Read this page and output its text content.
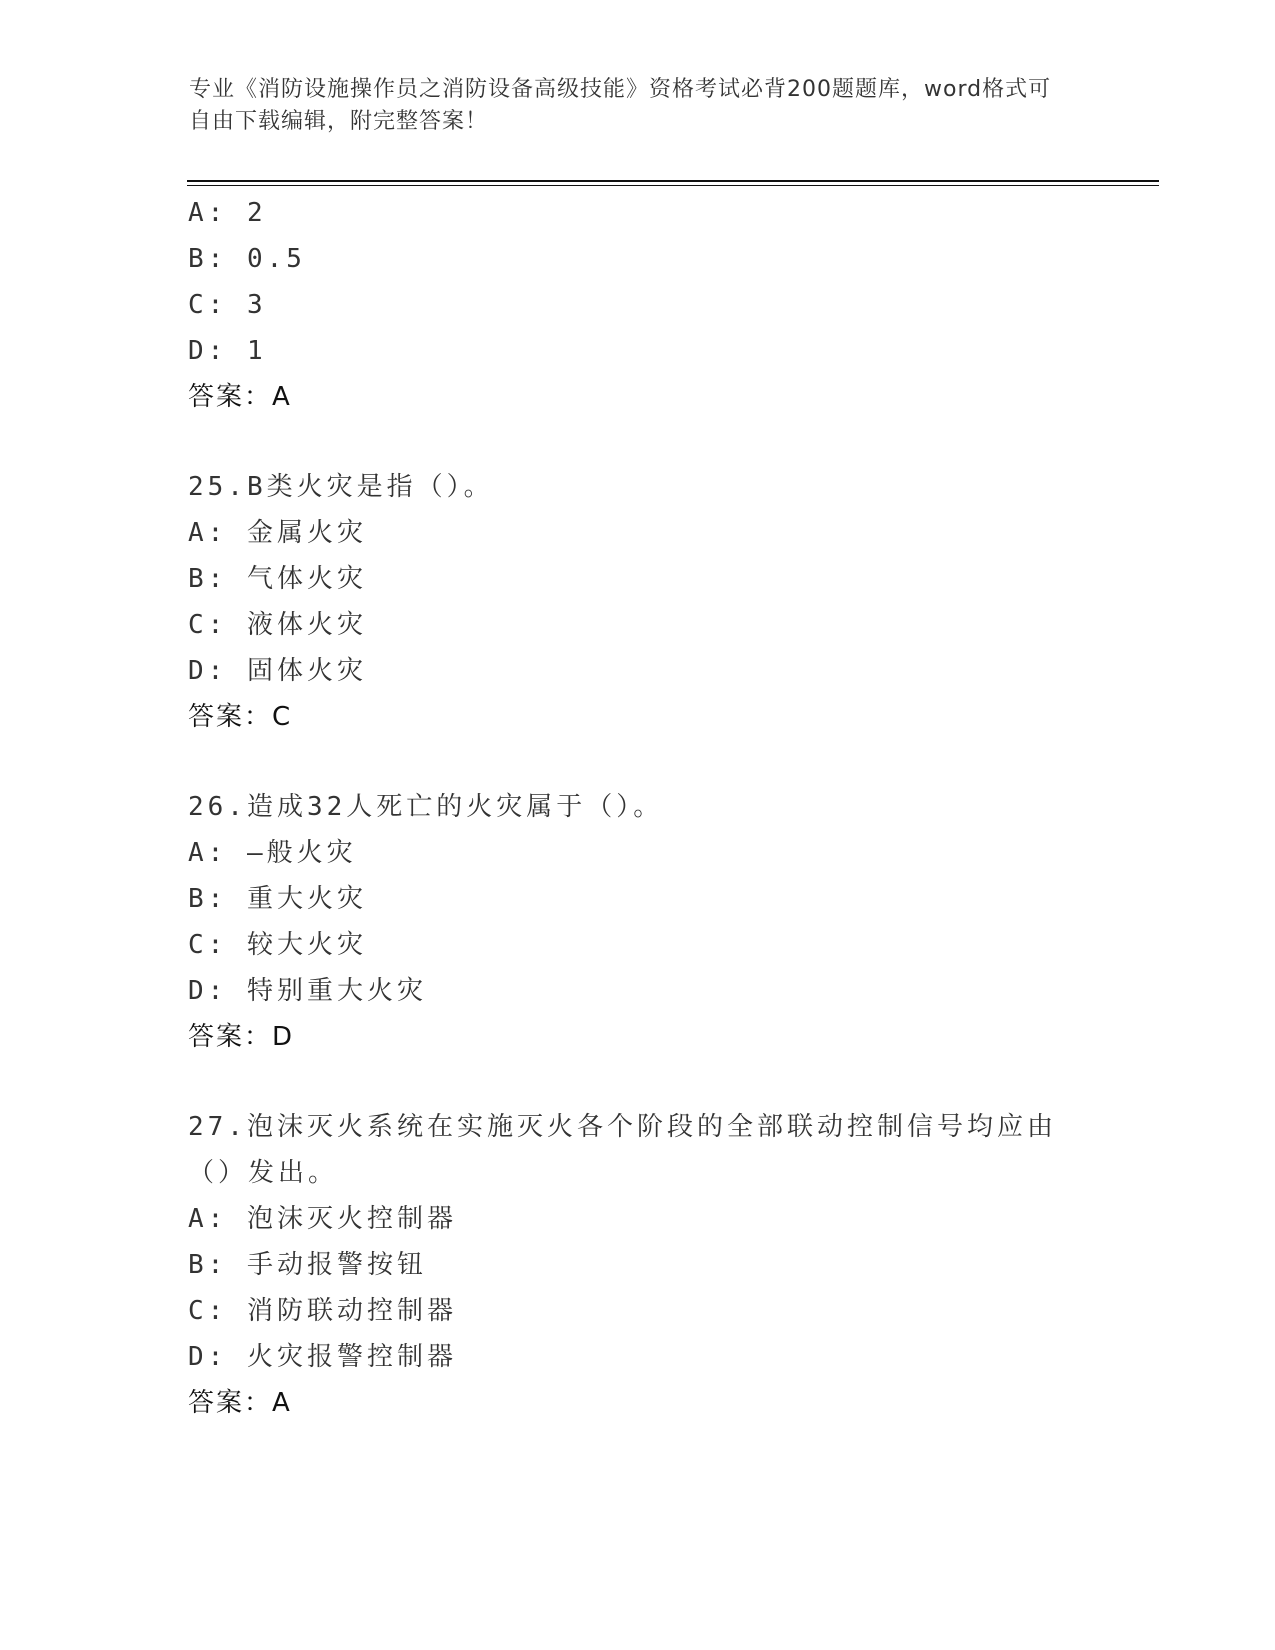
专业《消防设施操作员之消防设备高级技能》资格考试必背200题题库，word格式可自由下载编辑，附完整答案！
A: 2
B: 0.5
C: 3
D: 1
答案：A
25.B类火灾是指（）。
A: 金属火灾
B: 气体火灾
C: 液体火灾
D: 固体火灾
答案：C
26.造成32人死亡的火灾属于（）。
A: —般火灾
B: 重大火灾
C: 较大火灾
D: 特别重大火灾
答案：D
27.泡沫灭火系统在实施灭火各个阶段的全部联动控制信号均应由（）发出。
A: 泡沫灭火控制器
B: 手动报警按钮
C: 消防联动控制器
D: 火灾报警控制器
答案：A
